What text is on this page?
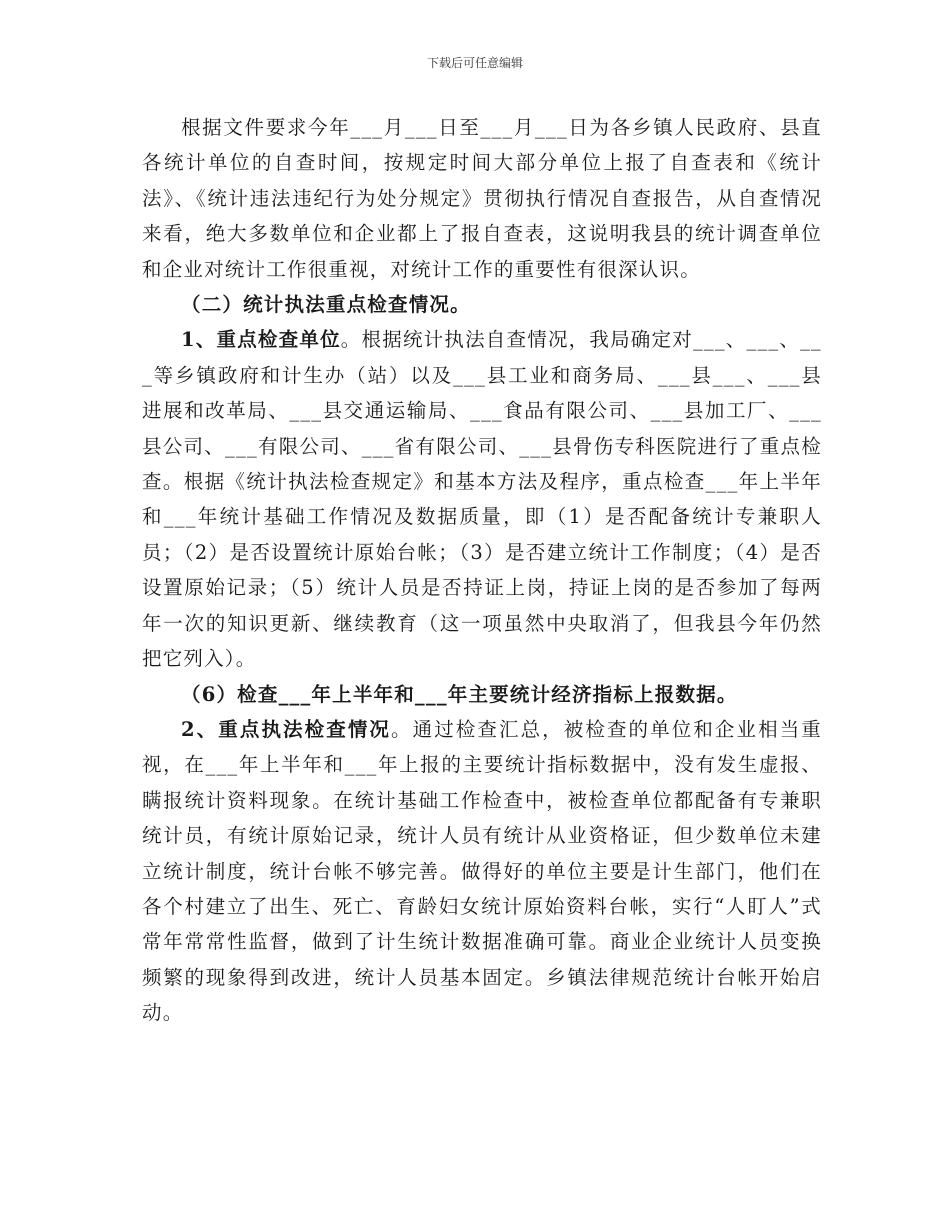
下载后可任意编辑

根据文件要求今年___月___日至___月___日为各乡镇人民政府、县直各统计单位的自查时间，按规定时间大部分单位上报了自查表和《统计法》、《统计违法违纪行为处分规定》贯彻执行情况自查报告，从自查情况来看，绝大多数单位和企业都上了报自查表，这说明我县的统计调查单位和企业对统计工作很重视，对统计工作的重要性有很深认识。

（二）统计执法重点检查情况。

1、重点检查单位。根据统计执法自查情况，我局确定对___、___、___等乡镇政府和计生办（站）以及___县工业和商务局、___县___、___县进展和改革局、___县交通运输局、___食品有限公司、___县加工厂、___县公司、___有限公司、___省有限公司、___县骨伤专科医院进行了重点检查。根据《统计执法检查规定》和基本方法及程序，重点检查___年上半年和___年统计基础工作情况及数据质量，即（1）是否配备统计专兼职人员；（2）是否设置统计原始台帐；（3）是否建立统计工作制度；（4）是否设置原始记录；（5）统计人员是否持证上岗，持证上岗的是否参加了每两年一次的知识更新、继续教育（这一项虽然中央取消了，但我县今年仍然把它列入）。

（6）检查___年上半年和___年主要统计经济指标上报数据。

2、重点执法检查情况。通过检查汇总，被检查的单位和企业相当重视，在___年上半年和___年上报的主要统计指标数据中，没有发生虚报、瞒报统计资料现象。在统计基础工作检查中，被检查单位都配备有专兼职统计员，有统计原始记录，统计人员有统计从业资格证，但少数单位未建立统计制度，统计台帐不够完善。做得好的单位主要是计生部门，他们在各个村建立了出生、死亡、育龄妇女统计原始资料台帐，实行“人盯人”式常年常常性监督，做到了计生统计数据准确可靠。商业企业统计人员变换频繁的现象得到改进，统计人员基本固定。乡镇法律规范统计台帐开始启动。
